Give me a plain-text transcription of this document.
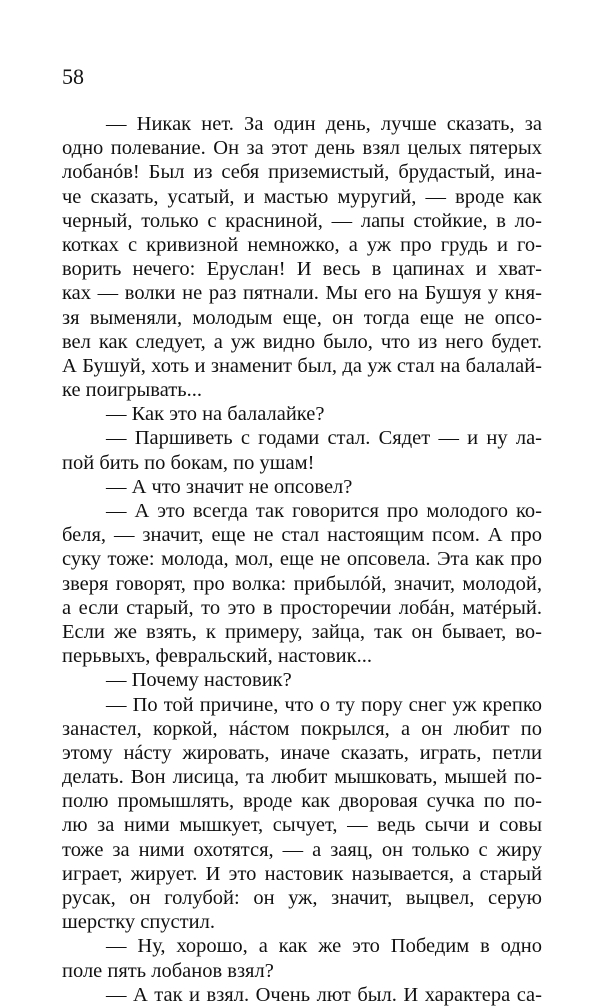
58
— Никак нет. За один день, лучше сказать, за
одно полевание. Он за этот день взял целых пятерых
лобанóв! Был из себя приземистый, брудастый, ина-
че сказать, усатый, и мастью муругий, — вроде как
черный, только с красниной, — лапы стойкие, в ло-
котках с кривизной немножко, а уж про грудь и го-
ворить нечего: Еруслан! И весь в цапинах и хват-
ках — волки не раз пятнали. Мы его на Бушуя у кня-
зя выменяли, молодым еще, он тогда еще не опсо-
вел как следует, а уж видно было, что из него будет.
А Бушуй, хоть и знаменит был, да уж стал на балалай-
ке поигрывать...
— Как это на балалайке?
— Паршиветь с годами стал. Сядет — и ну ла-
пой бить по бокам, по ушам!
— А что значит не опсовел?
— А это всегда так говорится про молодого ко-
беля, — значит, еще не стал настоящим псом. А про
суку тоже: молода, мол, еще не опсовела. Эта как про
зверя говорят, про волка: прибылóй, значит, молодой,
а если старый, то это в просторечии лобáн, матéрый.
Если же взять, к примеру, зайца, так он бывает, во-
перьвыхъ, февральский, настовик...
— Почему настовик?
— По той причине, что о ту пору снег уж крепко
занастел, коркой, нáстом покрылся, а он любит по
этому нáсту жировать, иначе сказать, играть, петли
делать. Вон лисица, та любит мышковать, мышей по-
полю промышлять, вроде как дворовая сучка по по-
лю за ними мышкует, сычует, — ведь сычи и совы
тоже за ними охотятся, — а заяц, он только с жиру
играет, жирует. И это настовик называется, а старый
русак, он голубой: он уж, значит, выцвел, серую
шерстку спустил.
— Ну, хорошо, а как же это Победим в одно
поле пять лобанов взял?
— А так и взял. Очень лют был. И характера са-
